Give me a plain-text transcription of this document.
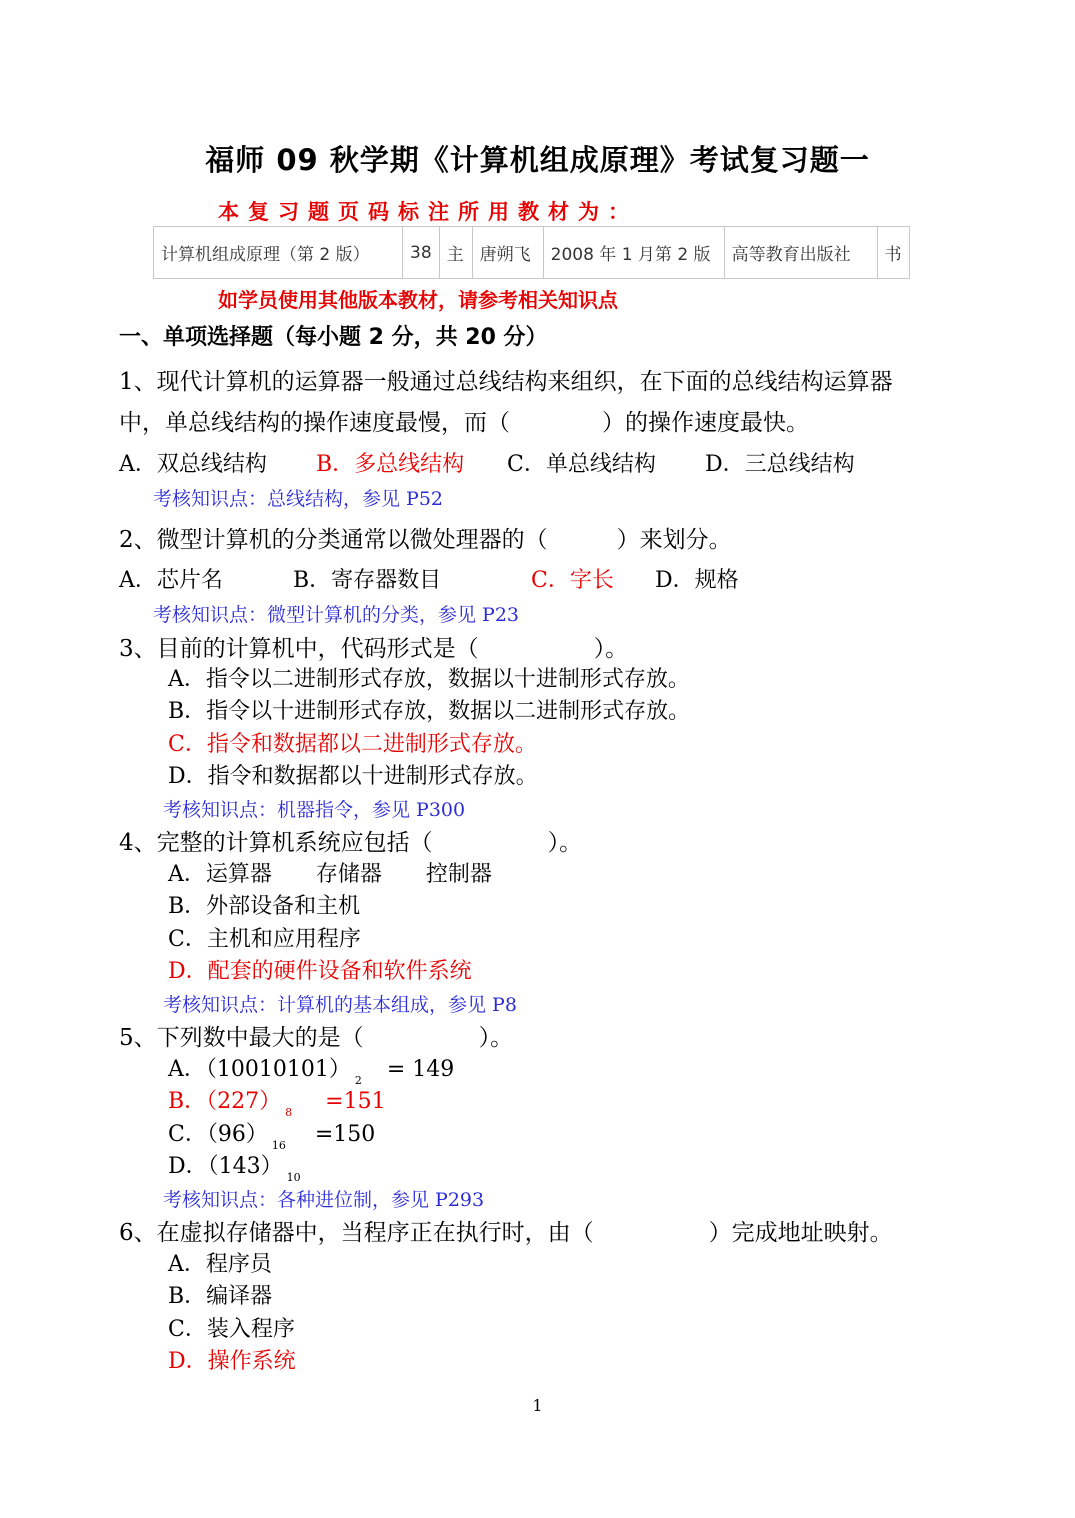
福师 09 秋学期《计算机组成原理》考试复习题一
本复习题页码标注所用教材为：
计算机组成原理（第 2 版）	38	主	唐朔飞	2008 年 1 月第 2 版	高等教育出版社	书
如学员使用其他版本教材，请参考相关知识点
一、单项选择题（每小题 2 分，共 20 分）
1、现代计算机的运算器一般通过总线结构来组织，在下面的总线结构运算器
中，单总线结构的操作速度最慢，而（　　　　）的操作速度最快。
A．双总线结构 B．多总线结构 C．单总线结构 D．三总线结构
考核知识点：总线结构，参见 P52
2、微型计算机的分类通常以微处理器的（　　　）来划分。
A．芯片名	B．寄存器数目	C．字长 D．规格
考核知识点：微型计算机的分类，参见 P23
3、目前的计算机中，代码形式是（　　　　　）。
A．指令以二进制形式存放，数据以十进制形式存放。
B．指令以十进制形式存放，数据以二进制形式存放。
C．指令和数据都以二进制形式存放。
D．指令和数据都以十进制形式存放。
考核知识点：机器指令，参见 P300
4、完整的计算机系统应包括（　　　　　）。
A．运算器　　存储器　　控制器
B．外部设备和主机
C．主机和应用程序
D．配套的硬件设备和软件系统
考核知识点：计算机的基本组成，参见 P8
5、下列数中最大的是（　　　　　）。
A．（10010101） $_2$ = 149
B．（227） $_8$ =151
C．（96） $_{16}$ =150
D．（143） $_{10}$
考核知识点：各种进位制，参见 P293
6、在虚拟存储器中，当程序正在执行时，由（　　　　　）完成地址映射。
A．程序员
B．编译器
C．装入程序
D．操作系统
1
